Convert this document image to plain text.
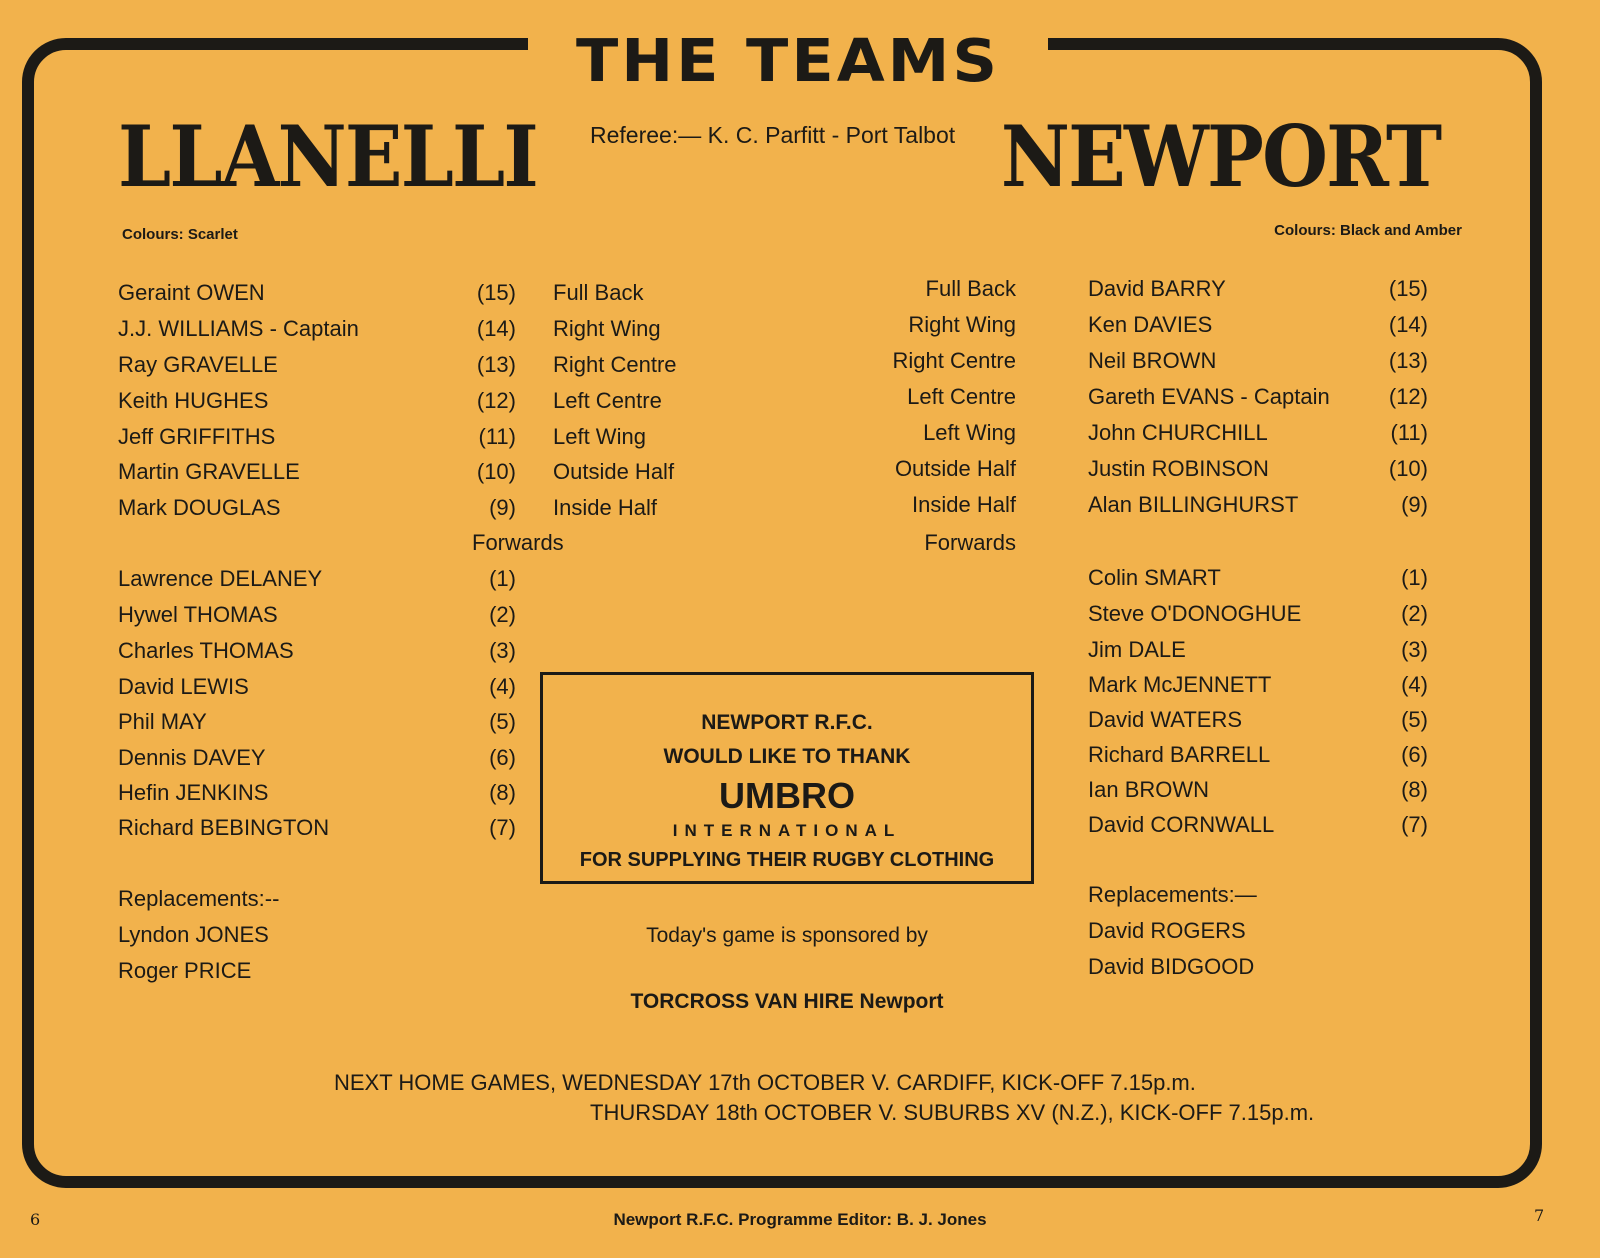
THE TEAMS
LLANELLI	NEWPORT
Referee:— K. C. Parfitt - Port Talbot
Colours: Scarlet	Colours: Black and Amber
Geraint OWEN	(15) Full Back
J.J. WILLIAMS - Captain	(14) Right Wing
Ray GRAVELLE	(13) Right Centre
Keith HUGHES	(12) Left Centre
Jeff GRIFFITHS	(11) Left Wing
Martin GRAVELLE	(10) Outside Half
Mark DOUGLAS	(9) Inside Half
Forwards
Lawrence DELANEY	(1)
Hywel THOMAS	(2)
Charles THOMAS	(3)
David LEWIS	(4)
Phil MAY	(5)
Dennis DAVEY	(6)
Hefin JENKINS	(8)
Richard BEBINGTON	(7)
Replacements:--
Lyndon JONES
Roger PRICE
Full Back	David BARRY	(15)
Right Wing	Ken DAVIES	(14)
Right Centre	Neil BROWN	(13)
Left Centre	Gareth EVANS - Captain	(12)
Left Wing	John CHURCHILL	(11)
Outside Half	Justin ROBINSON	(10)
Inside Half	Alan BILLINGHURST	(9)
Forwards
Colin SMART	(1)
Steve O'DONOGHUE	(2)
Jim DALE	(3)
Mark McJENNETT	(4)
David WATERS	(5)
Richard BARRELL	(6)
Ian BROWN	(8)
David CORNWALL	(7)
Replacements:—
David ROGERS
David BIDGOOD
NEWPORT R.F.C.
WOULD LIKE TO THANK
UMBRO
INTERNATIONAL
FOR SUPPLYING THEIR RUGBY CLOTHING
Today's game is sponsored by
TORCROSS VAN HIRE Newport
NEXT HOME GAMES, WEDNESDAY 17th OCTOBER V. CARDIFF, KICK-OFF 7.15p.m.
THURSDAY 18th OCTOBER V. SUBURBS XV (N.Z.), KICK-OFF 7.15p.m.
Newport R.F.C. Programme Editor: B. J. Jones
6	7
